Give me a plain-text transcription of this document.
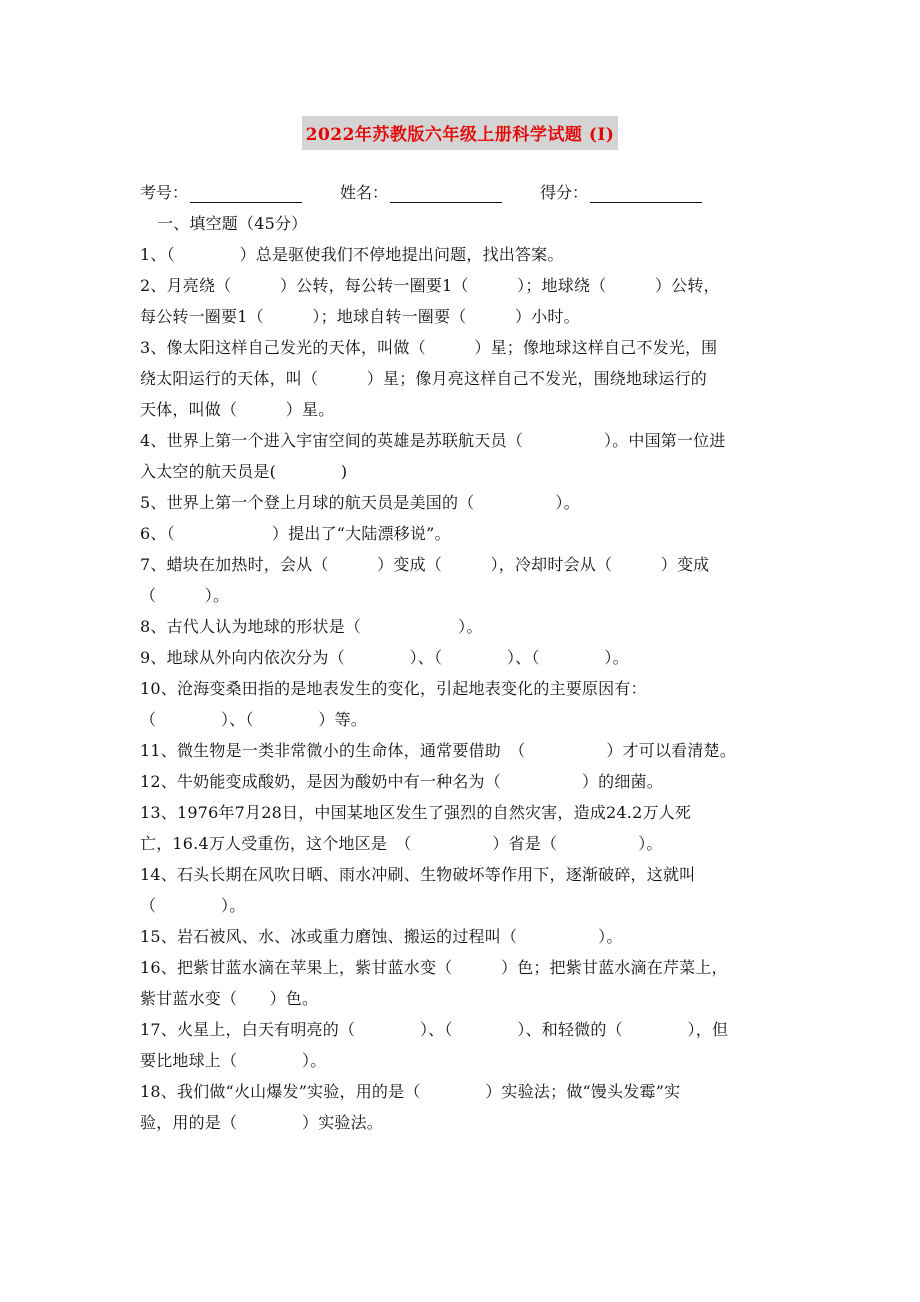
2022年苏教版六年级上册科学试题 (I)
考号：	姓名：	得分：
一、填空题（45分）
1、（　　　　）总是驱使我们不停地提出问题，找出答案。
2、月亮绕（　　　）公转，每公转一圈要1（　　　）；地球绕（　　　）公转，
每公转一圈要1（　　　）；地球自转一圈要（　　　）小时。
3、像太阳这样自己发光的天体，叫做（　　　）星；像地球这样自己不发光，围
绕太阳运行的天体，叫（　　　）星；像月亮这样自己不发光，围绕地球运行的
天体，叫做（　　　）星。
4、世界上第一个进入宇宙空间的英雄是苏联航天员（　　　　　）。中国第一位进
入太空的航天员是(　　　　)
5、世界上第一个登上月球的航天员是美国的（　　　　　）。
6、（　　　　　　）提出了“大陆漂移说”。
7、蜡块在加热时，会从（　　　）变成（　　　），冷却时会从（　　　）变成
（　　　）。
8、古代人认为地球的形状是（　　　　　　）。
9、地球从外向内依次分为（　　　　）、（　　　　）、（　　　　）。
10、沧海变桑田指的是地表发生的变化，引起地表变化的主要原因有：
（　　　　）、（　　　　）等。
11、微生物是一类非常微小的生命体，通常要借助　（　　　　　）才可以看清楚。
12、牛奶能变成酸奶，是因为酸奶中有一种名为（　　　　　）的细菌。
13、1976年7月28日，中国某地区发生了强烈的自然灾害，造成24.2万人死
亡，16.4万人受重伤，这个地区是　（　　　　　）省是（　　　　　）。
14、石头长期在风吹日晒、雨水冲刷、生物破坏等作用下，逐渐破碎，这就叫
（　　　　）。
15、岩石被风、水、冰或重力磨蚀、搬运的过程叫（　　　　　）。
16、把紫甘蓝水滴在苹果上，紫甘蓝水变（　　　）色；把紫甘蓝水滴在芹菜上，
紫甘蓝水变（　　）色。
17、火星上，白天有明亮的（　　　　）、（　　　　）、和轻微的（　　　　），但
要比地球上（　　　　）。
18、我们做“火山爆发”实验，用的是（　　　　）实验法；做“馒头发霉”实
验，用的是（　　　　）实验法。
